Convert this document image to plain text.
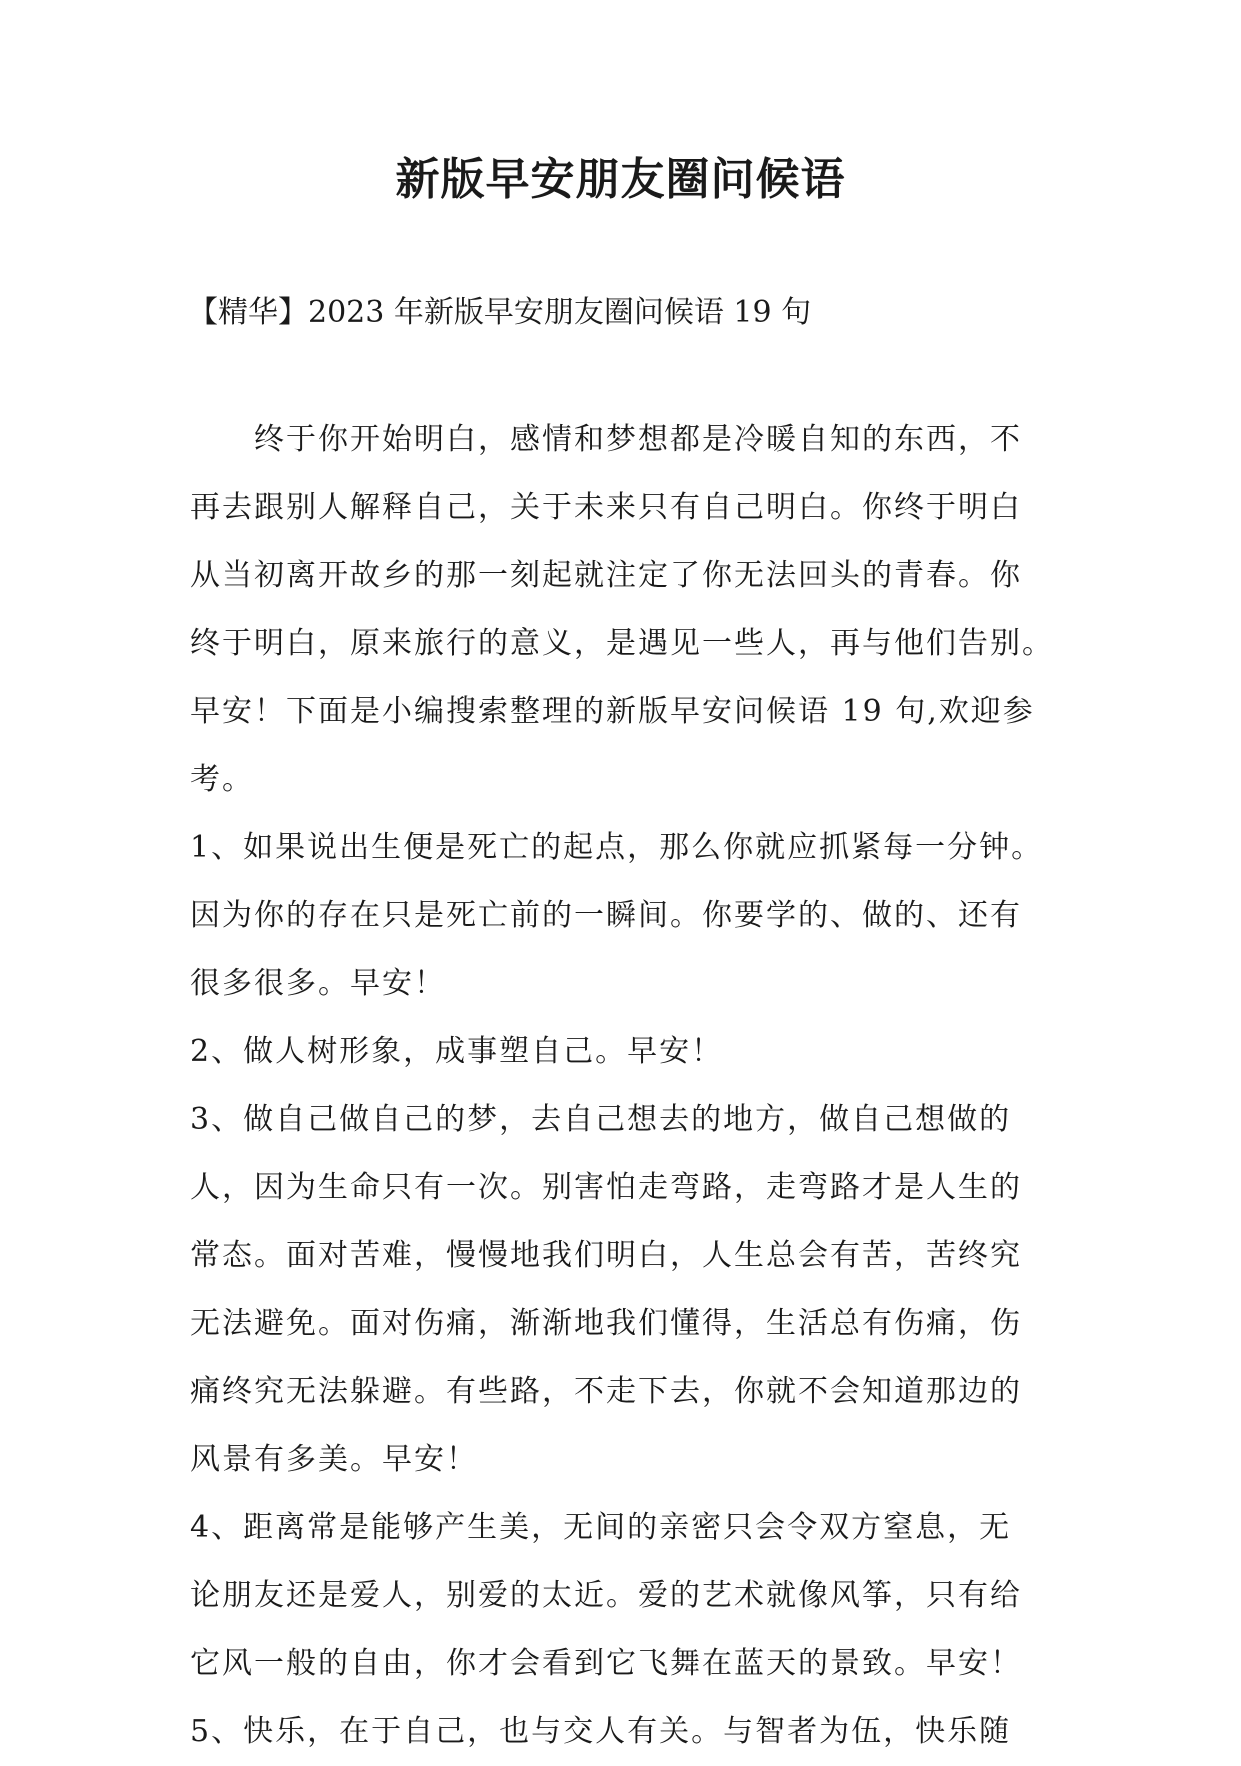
新版早安朋友圈问候语
【精华】2023 年新版早安朋友圈问候语 19 句
　　终于你开始明白，感情和梦想都是冷暖自知的东西，不
再去跟别人解释自己，关于未来只有自己明白。你终于明白
从当初离开故乡的那一刻起就注定了你无法回头的青春。你
终于明白，原来旅行的意义，是遇见一些人，再与他们告别。
早安！下面是小编搜索整理的新版早安问候语 19 句,欢迎参
考。
1、如果说出生便是死亡的起点，那么你就应抓紧每一分钟。
因为你的存在只是死亡前的一瞬间。你要学的、做的、还有
很多很多。早安！
2、做人树形象，成事塑自己。早安！
3、做自己做自己的梦，去自己想去的地方，做自己想做的
人，因为生命只有一次。别害怕走弯路，走弯路才是人生的
常态。面对苦难，慢慢地我们明白，人生总会有苦，苦终究
无法避免。面对伤痛，渐渐地我们懂得，生活总有伤痛，伤
痛终究无法躲避。有些路，不走下去，你就不会知道那边的
风景有多美。早安！
4、距离常是能够产生美，无间的亲密只会令双方窒息，无
论朋友还是爱人，别爱的太近。爱的艺术就像风筝，只有给
它风一般的自由，你才会看到它飞舞在蓝天的景致。早安！
5、快乐，在于自己，也与交人有关。与智者为伍，快乐随
